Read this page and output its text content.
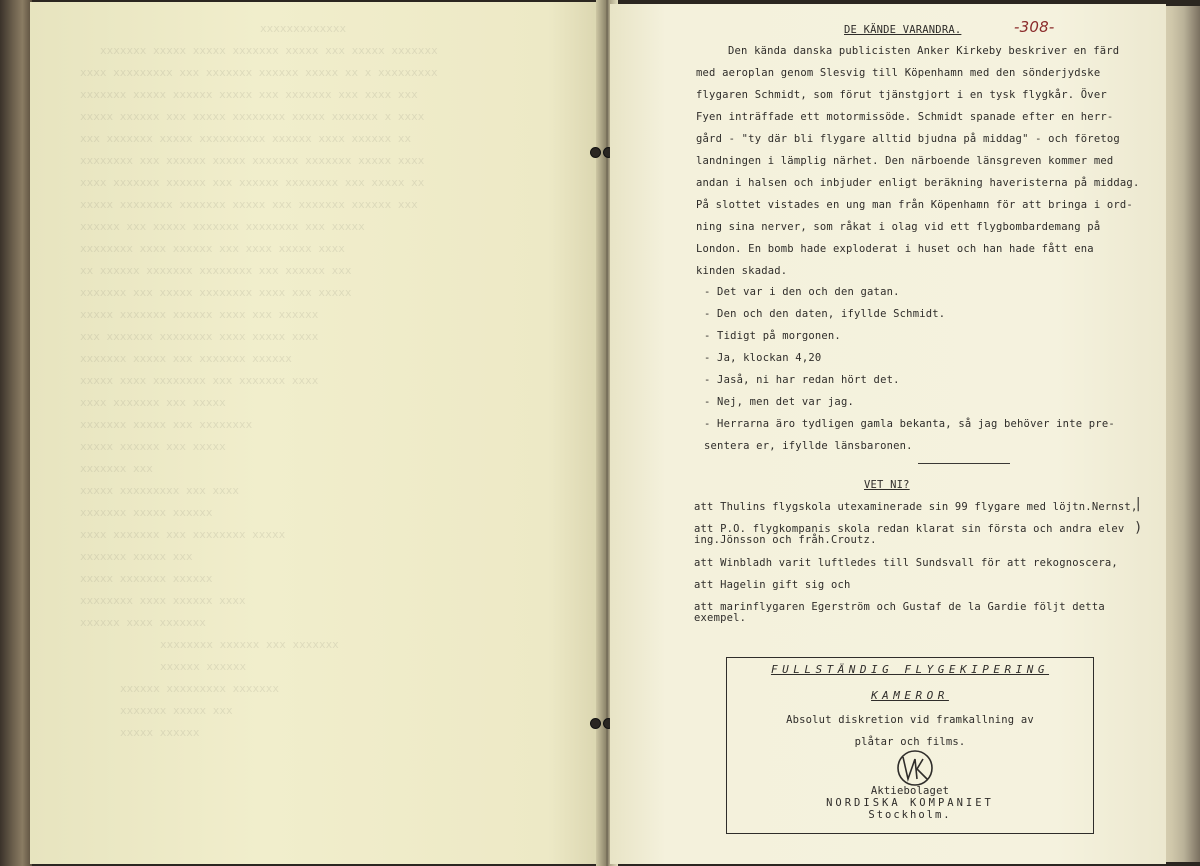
xxxxxxxxxxxxx
xxxxxxx xxxxx xxxxx xxxxxxx xxxxx xxx xxxxx xxxxxxx
xxxx xxxxxxxxx xxx xxxxxxx xxxxxx xxxxx xx x xxxxxxxxx
xxxxxxx xxxxx xxxxxx xxxxx xxx xxxxxxx xxx xxxx xxx
xxxxx xxxxxx xxx xxxxx xxxxxxxx xxxxx xxxxxxx x xxxx
xxx xxxxxxx xxxxx xxxxxxxxxx xxxxxx xxxx xxxxxx xx
xxxxxxxx xxx xxxxxx xxxxx xxxxxxx xxxxxxx xxxxx xxxx
xxxx xxxxxxx xxxxxx xxx xxxxxx xxxxxxxx xxx xxxxx xx
xxxxx xxxxxxxx xxxxxxx xxxxx xxx xxxxxxx xxxxxx xxx
xxxxxx xxx xxxxx xxxxxxx xxxxxxxx xxx xxxxx
xxxxxxxx xxxx xxxxxx xxx xxxx xxxxx xxxx
xx xxxxxx xxxxxxx xxxxxxxx xxx xxxxxx xxx
xxxxxxx xxx xxxxx xxxxxxxx xxxx xxx xxxxx
xxxxx xxxxxxx xxxxxx xxxx xxx xxxxxx
xxx xxxxxxx xxxxxxxx xxxx xxxxx xxxx
xxxxxxx xxxxx xxx xxxxxxx xxxxxx
xxxxx xxxx xxxxxxxx xxx xxxxxxx xxxx
xxxx xxxxxxx xxx xxxxx
xxxxxxx xxxxx xxx xxxxxxxx
xxxxx xxxxxx xxx xxxxx
xxxxxxx xxx
xxxxx xxxxxxxxx xxx xxxx
xxxxxxx xxxxx xxxxxx
xxxx xxxxxxx xxx xxxxxxxx xxxxx
xxxxxxx xxxxx xxx
xxxxx xxxxxxx xxxxxx
xxxxxxxx xxxx xxxxxx xxxx
xxxxxx xxxx xxxxxxx
xxxxxxxx xxxxxx xxx xxxxxxx
xxxxxx xxxxxx
xxxxxx xxxxxxxxx xxxxxxx
xxxxxxx xxxxx xxx
xxxxx xxxxxx
DE KÄNDE VARANDRA.	-308-
Den kända danska publicisten Anker Kirkeby beskriver en färd
med aeroplan genom Slesvig till Köpenhamn med den sönderjydske
flygaren Schmidt, som förut tjänstgjort i en tysk flygkår. Över
Fyen inträffade ett motormissöde. Schmidt spanade efter en herr-
gård - "ty där bli flygare alltid bjudna på middag" - och företog
landningen i lämplig närhet. Den närboende länsgreven kommer med
andan i halsen och inbjuder enligt beräkning haveristerna på middag.
På slottet vistades en ung man från Köpenhamn för att bringa i ord-
ning sina nerver, som råkat i olag vid ett flygbombardemang på
London. En bomb hade exploderat i huset och han hade fått ena
kinden skadad.
- Det var i den och den gatan.
- Den och den daten, ifyllde Schmidt.
- Tidigt på morgonen.
- Ja, klockan 4,20
- Jaså, ni har redan hört det.
- Nej, men det var jag.
- Herrarna äro tydligen gamla bekanta, så jag behöver inte pre-
sentera er, ifyllde länsbaronen.
VET NI?
att Thulins flygskola utexaminerade sin 99 flygare med löjtn.Nernst,
att P.O. flygkompanis skola redan klarat sin första och andra elev
ing.Jönsson och fråh.Croutz.
att Winbladh varit luftledes till Sundsvall för att rekognoscera,
att Hagelin gift sig och
att marinflygaren Egerström och Gustaf de la Gardie följt detta
exempel.
|
)
FULLSTÄNDIG FLYGEKIPERING
KAMEROR
Absolut diskretion vid framkallning av
plåtar och films.
Aktiebolaget
NORDISKA KOMPANIET
Stockholm.
